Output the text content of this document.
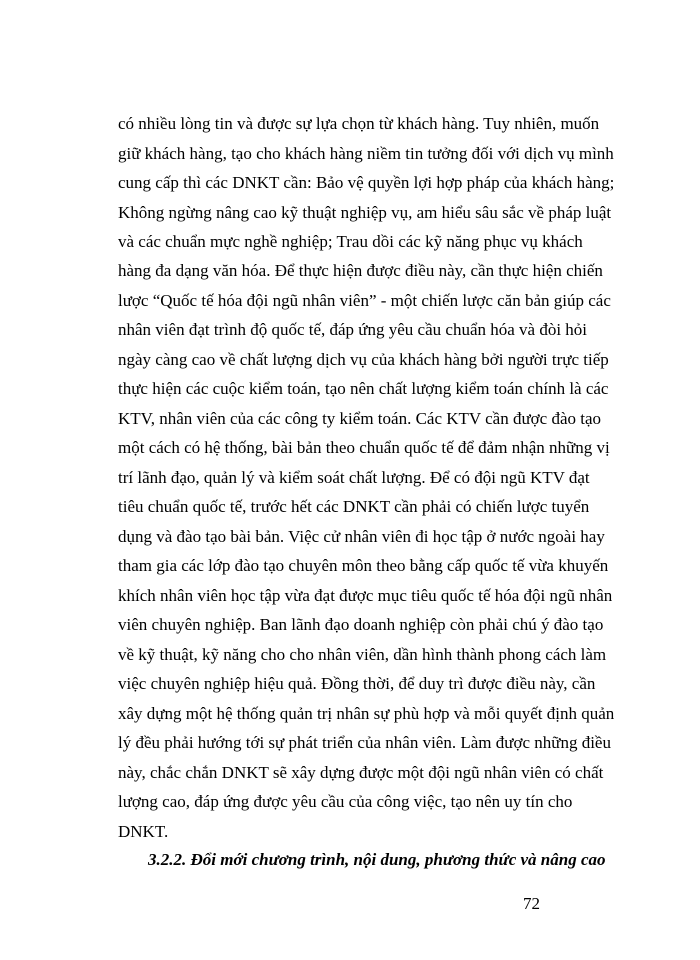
có nhiều lòng tin và được sự lựa chọn từ khách hàng. Tuy nhiên, muốn
giữ khách hàng, tạo cho khách hàng niềm tin tưởng đối với dịch vụ mình
cung cấp thì các DNKT cần: Bảo vệ quyền lợi hợp pháp của khách hàng;
Không ngừng nâng cao kỹ thuật nghiệp vụ, am hiểu sâu sắc về pháp luật
và các chuẩn mực nghề nghiệp; Trau dồi các kỹ năng phục vụ khách
hàng đa dạng văn hóa. Để thực hiện được điều này, cần thực hiện chiến
lược “Quốc tế hóa đội ngũ nhân viên” - một chiến lược căn bản giúp các
nhân viên đạt trình độ quốc tế, đáp ứng yêu cầu chuẩn hóa và đòi hỏi
ngày càng cao về chất lượng dịch vụ của khách hàng bởi người trực tiếp
thực hiện các cuộc kiểm toán, tạo nên chất lượng kiểm toán chính là các
KTV, nhân viên của các công ty kiểm toán. Các KTV cần được đào tạo
một cách có hệ thống, bài bản theo chuẩn quốc tế để đảm nhận những vị
trí lãnh đạo, quản lý và kiểm soát chất lượng. Để có đội ngũ KTV đạt
tiêu chuẩn quốc tế, trước hết các DNKT cần phải có chiến lược tuyển
dụng và đào tạo bài bản. Việc cử nhân viên đi học tập ở nước ngoài hay
tham gia các lớp đào tạo chuyên môn theo bằng cấp quốc tế vừa khuyến
khích nhân viên học tập vừa đạt được mục tiêu quốc tế hóa đội ngũ nhân
viên chuyên nghiệp. Ban lãnh đạo doanh nghiệp còn phải chú ý đào tạo
về kỹ thuật, kỹ năng cho cho nhân viên, dần hình thành phong cách làm
việc chuyên nghiệp hiệu quả. Đồng thời, để duy trì được điều này, cần
xây dựng một hệ thống quản trị nhân sự phù hợp và mỗi quyết định quản
lý đều phải hướng tới sự phát triển của nhân viên. Làm được những điều
này, chắc chắn DNKT sẽ xây dựng được một đội ngũ nhân viên có chất
lượng cao, đáp ứng được yêu cầu của công việc, tạo nên uy tín cho
DNKT.
3.2.2. Đổi mới chương trình, nội dung, phương thức và nâng cao
72
